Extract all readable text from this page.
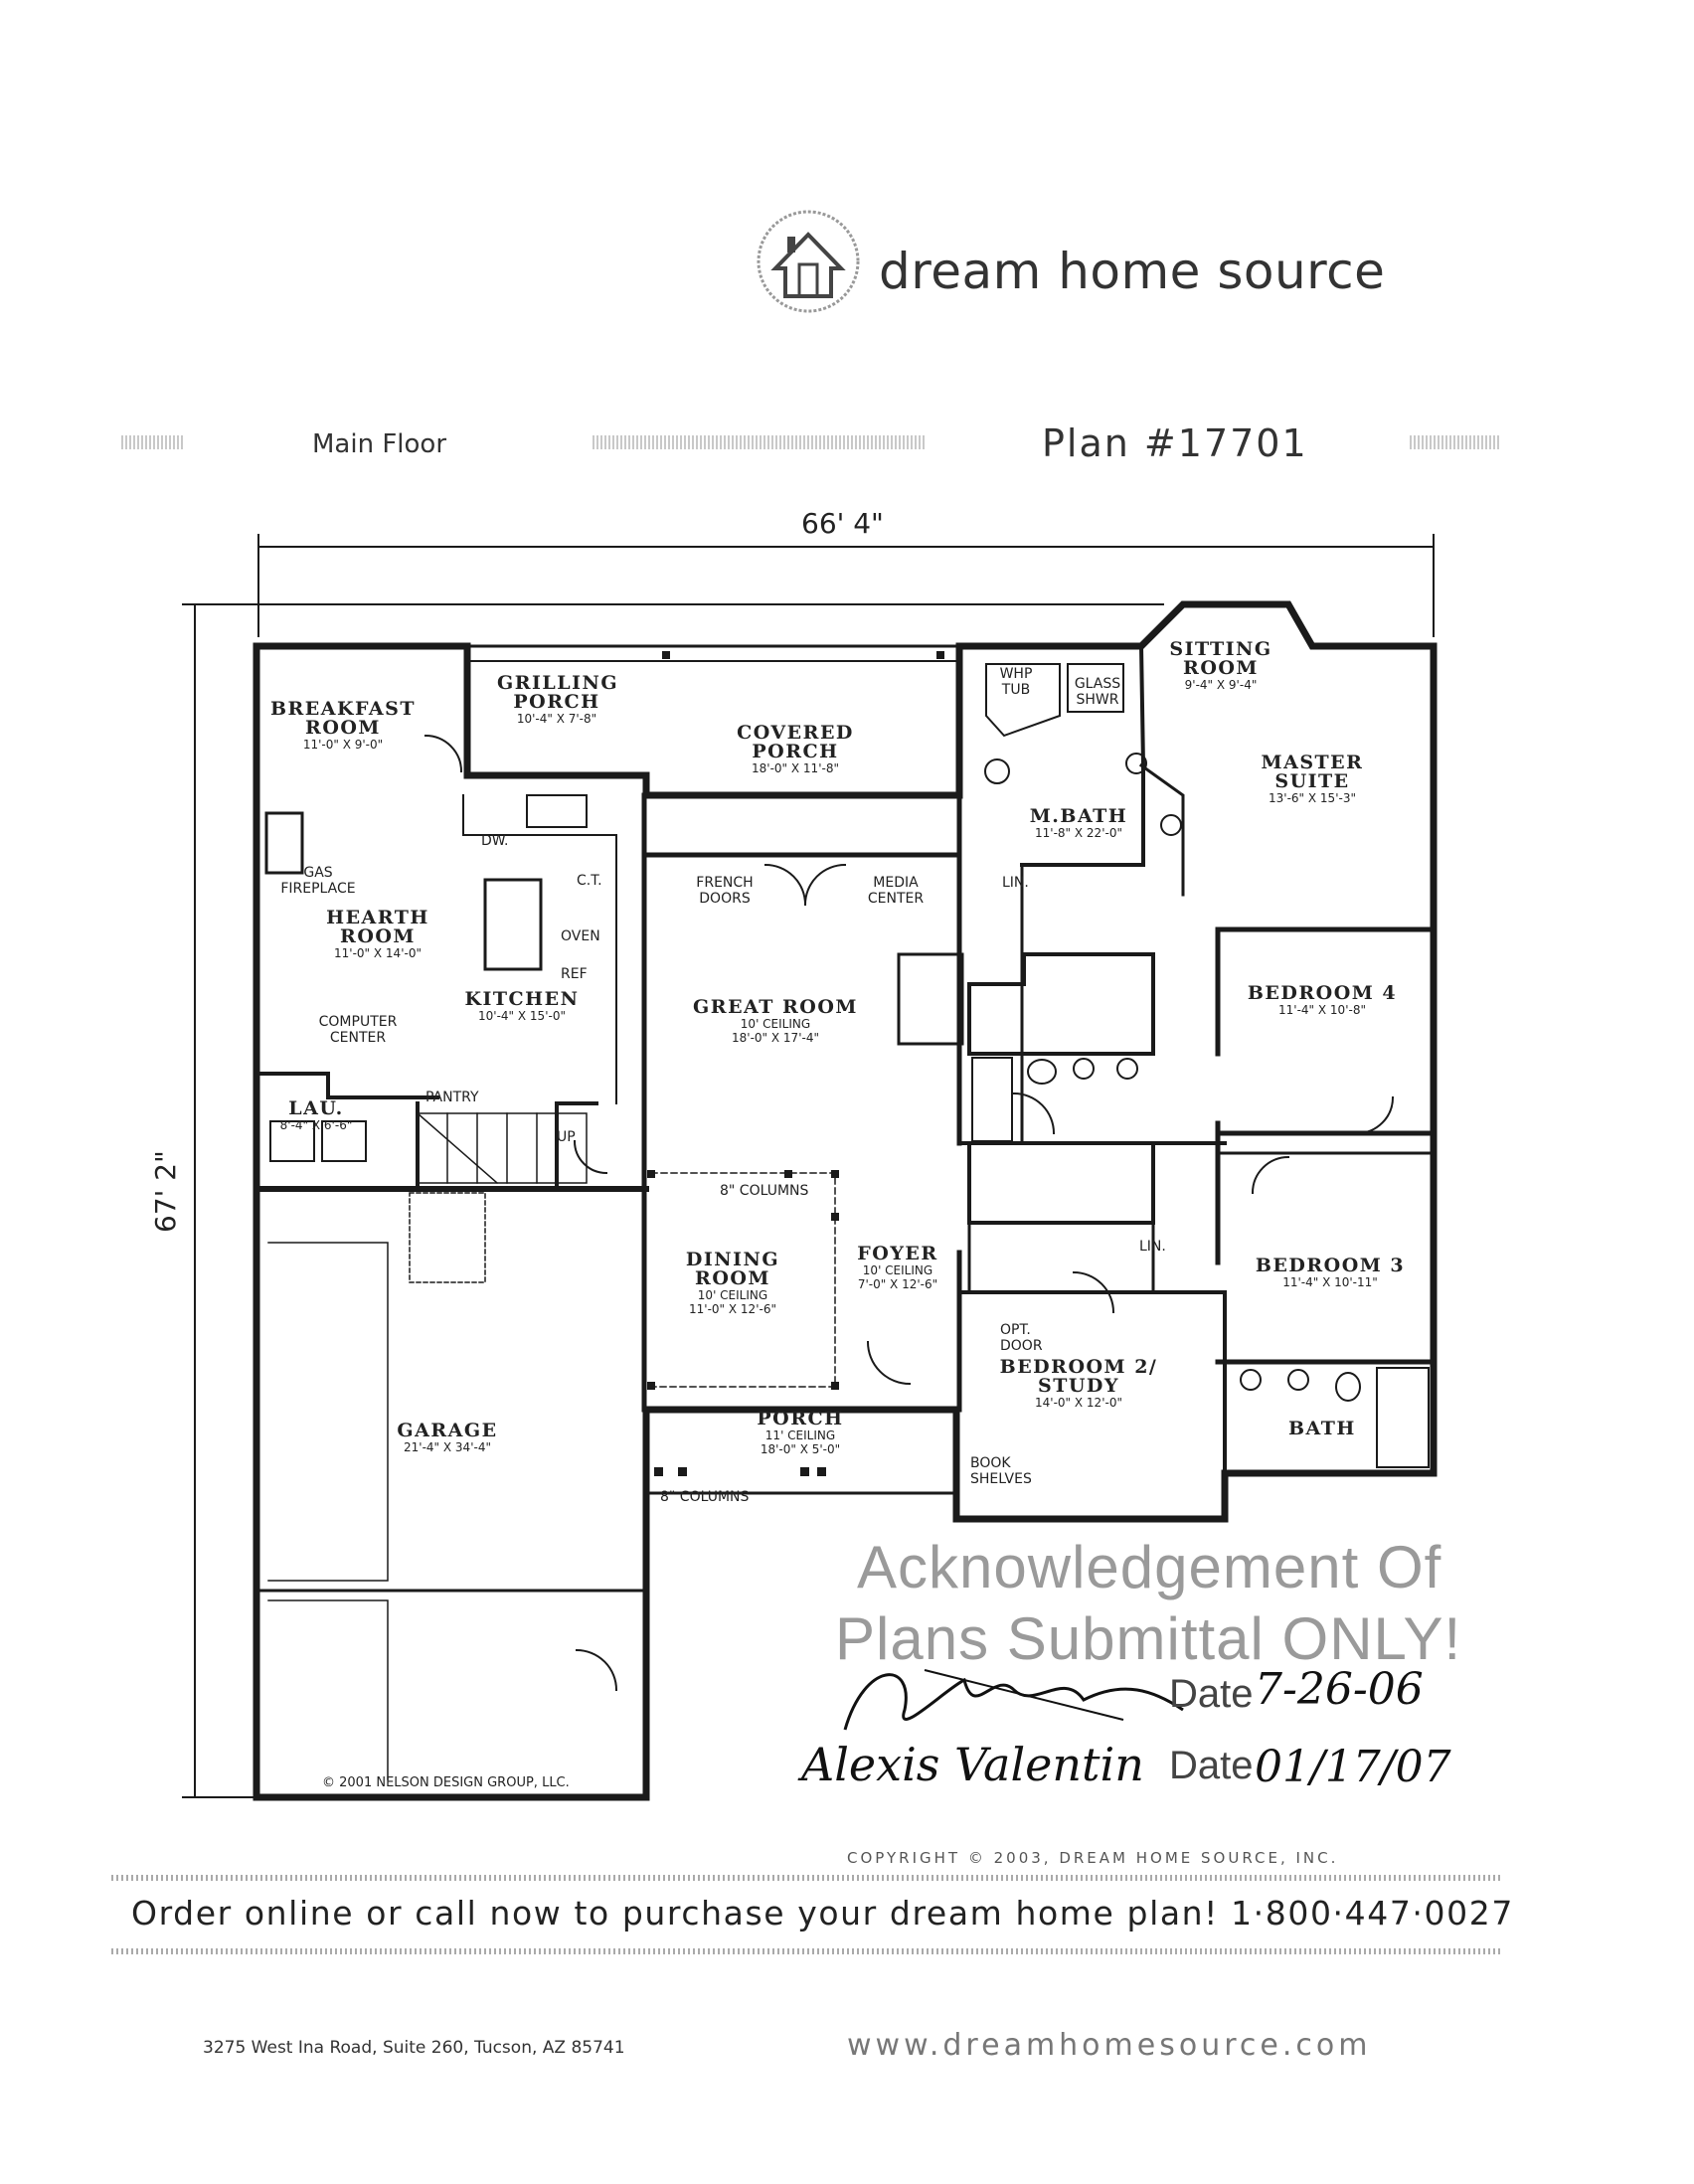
dream home source
Main Floor	Plan #17701
66' 4"
67' 2"
BREAKFAST ROOM
11'-0" X 9'-0"
GRILLING PORCH
10'-4" X 7'-8"
COVERED PORCH
18'-0" X 11'-8"
SITTING ROOM
9'-4" X 9'-4"
MASTER SUITE
13'-6" X 15'-3"
M.BATH
11'-8" X 22'-0"
HEARTH ROOM
11'-0" X 14'-0"
KITCHEN
10'-4" X 15'-0"	GREAT ROOM
10' CEILING
18'-0" X 17'-4"
BEDROOM 4
11'-4" X 10'-8"
LAU.
8'-4" X 6'-6"
BEDROOM 3
11'-4" X 10'-11"
DINING ROOM
10' CEILING
11'-0" X 12'-6"
FOYER
10' CEILING
7'-0" X 12'-6"
BEDROOM 2/ STUDY
14'-0" X 12'-0"
GARAGE
21'-4" X 34'-4"
PORCH
11' CEILING
18'-0" X 5'-0"
BATH
WHP TUB	GLASS SHWR
DW.
GAS FIREPLACE	C.T.
OVEN
REF
FRENCH DOORS
MEDIA CENTER
LIN.
COMPUTER CENTER
PANTRY
UP
8" COLUMNS
LIN.
OPT. DOOR
BOOK SHELVES
8" COLUMNS
© 2001 NELSON DESIGN GROUP, LLC.
Acknowledgement Of
Plans Submittal ONLY!
Date 7-26-06
Alexis Valentin Date 01/17/07
COPYRIGHT © 2003, DREAM HOME SOURCE, INC.
Order online or call now to purchase your dream home plan! 1·800·447·0027
3275 West Ina Road, Suite 260, Tucson, AZ 85741	www.dreamhomesource.com
